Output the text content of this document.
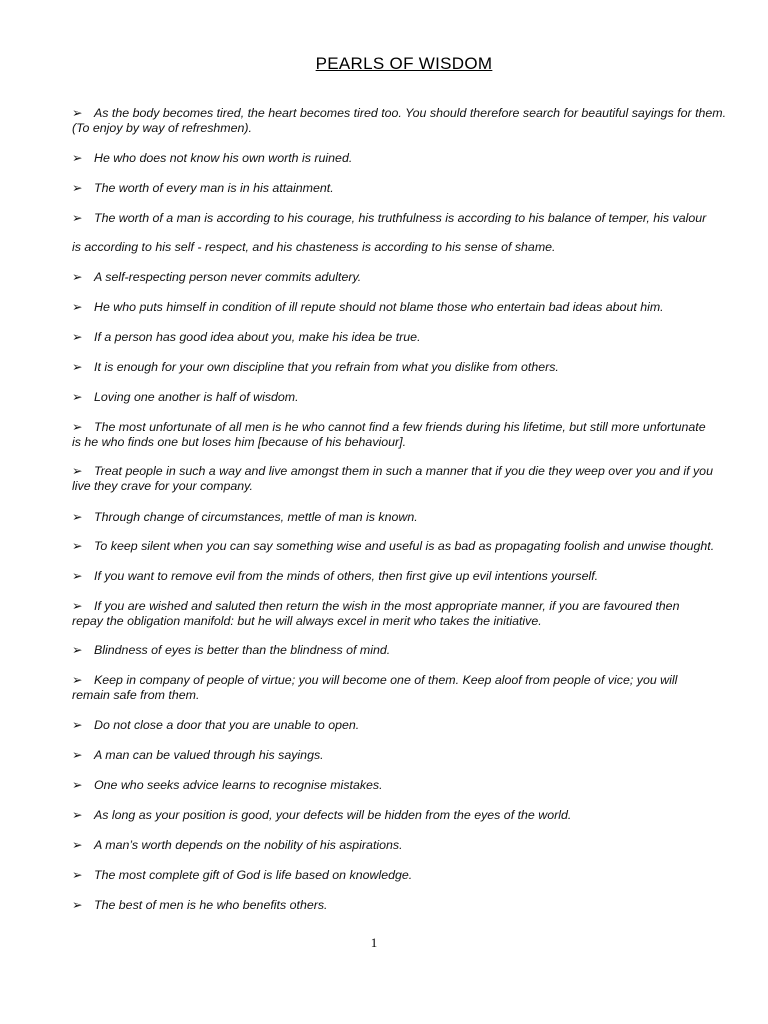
PEARLS OF WISDOM
➢ As the body becomes tired, the heart becomes tired too. You should therefore search for beautiful sayings for them.
(To enjoy by way of refreshmen).
➢ He who does not know his own worth is ruined.
➢ The worth of every man is in his attainment.
➢ The worth of a man is according to his courage, his truthfulness is according to his balance of temper, his valour
is according to his self - respect, and his chasteness is according to his sense of shame.
➢ A self-respecting person never commits adultery.
➢ He who puts himself in condition of ill repute should not blame those who entertain bad ideas about him.
➢ If a person has good idea about you, make his idea be true.
➢ It is enough for your own discipline that you refrain from what you dislike from others.
➢ Loving one another is half of wisdom.
➢ The most unfortunate of all men is he who cannot find a few friends during his lifetime, but still more unfortunate
is he who finds one but loses him [because of his behaviour].
➢ Treat people in such a way and live amongst them in such a manner that if you die they weep over you and if you
live they crave for your company.
➢ Through change of circumstances, mettle of man is known.
➢ To keep silent when you can say something wise and useful is as bad as propagating foolish and unwise thought.
➢ If you want to remove evil from the minds of others, then first give up evil intentions yourself.
➢ If you are wished and saluted then return the wish in the most appropriate manner, if you are favoured then
repay the obligation manifold: but he will always excel in merit who takes the initiative.
➢ Blindness of eyes is better than the blindness of mind.
➢ Keep in company of people of virtue; you will become one of them. Keep aloof from people of vice; you will
remain safe from them.
➢ Do not close a door that you are unable to open.
➢ A man can be valued through his sayings.
➢ One who seeks advice learns to recognise mistakes.
➢ As long as your position is good, your defects will be hidden from the eyes of the world.
➢ A man’s worth depends on the nobility of his aspirations.
➢ The most complete gift of God is life based on knowledge.
➢ The best of men is he who benefits others.
1
